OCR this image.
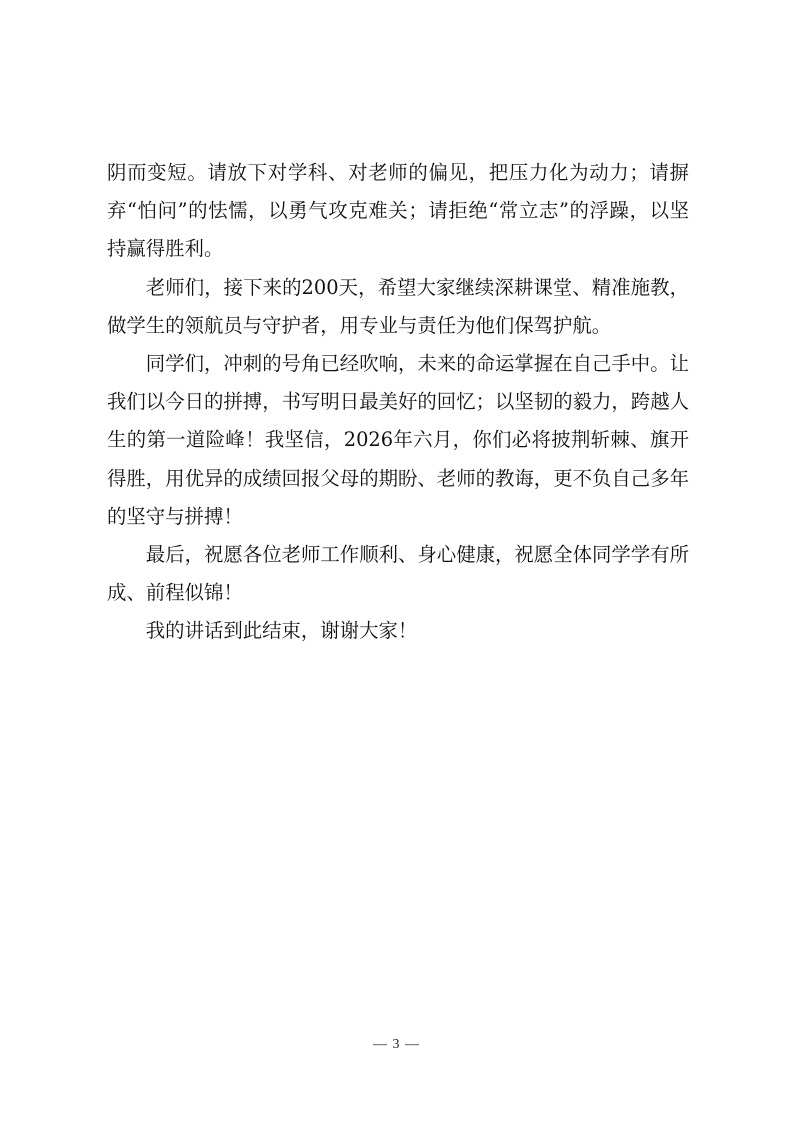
阴而变短。请放下对学科、对老师的偏见，把压力化为动力；请摒弃“怕问”的怯懦，以勇气攻克难关；请拒绝“常立志”的浮躁，以坚持赢得胜利。

老师们，接下来的200天，希望大家继续深耕课堂、精准施教，做学生的领航员与守护者，用专业与责任为他们保驾护航。

同学们，冲刺的号角已经吹响，未来的命运掌握在自己手中。让我们以今日的拼搏，书写明日最美好的回忆；以坚韧的毅力，跨越人生的第一道险峰！我坚信，2026年六月，你们必将披荆斩棘、旗开得胜，用优异的成绩回报父母的期盼、老师的教诲，更不负自己多年的坚守与拼搏！

最后，祝愿各位老师工作顺利、身心健康，祝愿全体同学学有所成、前程似锦！

我的讲话到此结束，谢谢大家！

— 3 —
